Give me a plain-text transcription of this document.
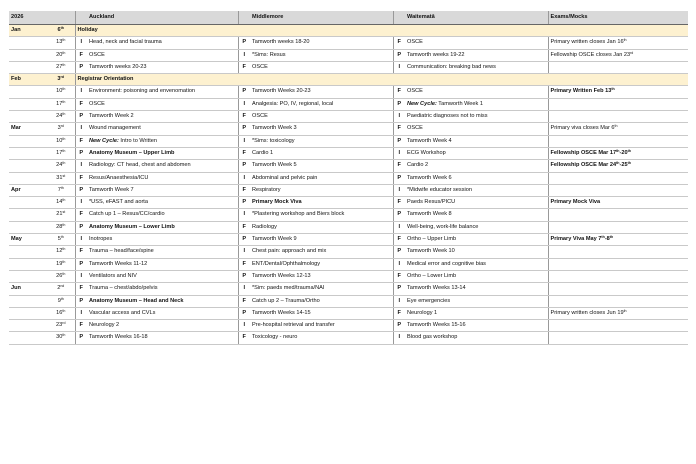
2026			Auckland		Middlemore		Waitematā	Exams/Mocks
Jan	6th	Holiday						
	13th	I	Head, neck and facial trauma	P	Tamworth weeks 18-20	F	OSCE	Primary written closes Jan 16th
	20th	F	OSCE	I	*Sims: Resus	P	Tamworth weeks 19-22	Fellowship OSCE closes Jan 23rd
	27th	P	Tamworth weeks 20-23	F	OSCE	I	Communication: breaking bad news	
Feb	3rd	Registrar Orientation						
	10th	I	Environment: poisoning and envenomation	P	Tamworth Weeks 20-23	F	OSCE	Primary Written Feb 13th
	17th	F	OSCE	I	Analgesia: PO, IV, regional, local	P	New Cycle: Tamworth Week 1	
	24th	P	Tamworth Week 2	F	OSCE	I	Paediatric diagnoses not to miss	
Mar	3rd	I	Wound management	P	Tamworth Week 3	F	OSCE	Primary viva closes Mar 6th
	10th	F	New Cycle: Intro to Written	I	*Sims: toxicology	P	Tamworth Week 4	
	17th	P	Anatomy Museum – Upper Limb	F	Cardio 1	I	ECG Workshop	Fellowship OSCE Mar 17th-20th
	24th	I	Radiology: CT head, chest and abdomen	P	Tamworth Week 5	F	Cardio 2	Fellowship OSCE Mar 24th-25th
	31st	F	Resus/Anaesthesia/ICU	I	Abdominal and pelvic pain	P	Tamworth Week 6	
Apr	7th	P	Tamworth Week 7	F	Respiratory	I	*Midwife educator session	
	14th	I	*USS, eFAST and aorta	P	Primary Mock Viva	F	Paeds Resus/PICU	Primary Mock Viva
	21st	F	Catch up 1 – Resus/CC/cardio	I	*Plastering workshop and Biers block	P	Tamworth Week 8	
	28th	P	Anatomy Museum – Lower Limb	F	Radiology	I	Well-being, work-life balance	
May	5th	I	Inotropes	P	Tamworth Week 9	F	Ortho – Upper Limb	Primary Viva May 7th-8th
	12th	F	Trauma – head/face/spine	I	Chest pain: approach and mix	P	Tamworth Week 10	
	19th	P	Tamworth Weeks 11-12	F	ENT/Dental/Ophthalmology	I	Medical error and cognitive bias	
	26th	I	Ventilators and NIV	P	Tamworth Weeks 12-13	F	Ortho – Lower Limb	
Jun	2nd	F	Trauma – chest/abdo/pelvis	I	*Sim: paeds med/trauma/NAI	P	Tamworth Weeks 13-14	
	9th	P	Anatomy Museum – Head and Neck	F	Catch up 2 – Trauma/Ortho	I	Eye emergencies	
	16th	I	Vascular access and CVLs	P	Tamworth Weeks 14-15	F	Neurology 1	Primary written closes Jun 19th
	23rd	F	Neurology 2	I	Pre-hospital retrieval and transfer	P	Tamworth Weeks 15-16	
	30th	P	Tamworth Weeks 16-18	F	Toxicology - neuro	I	Blood gas workshop	
